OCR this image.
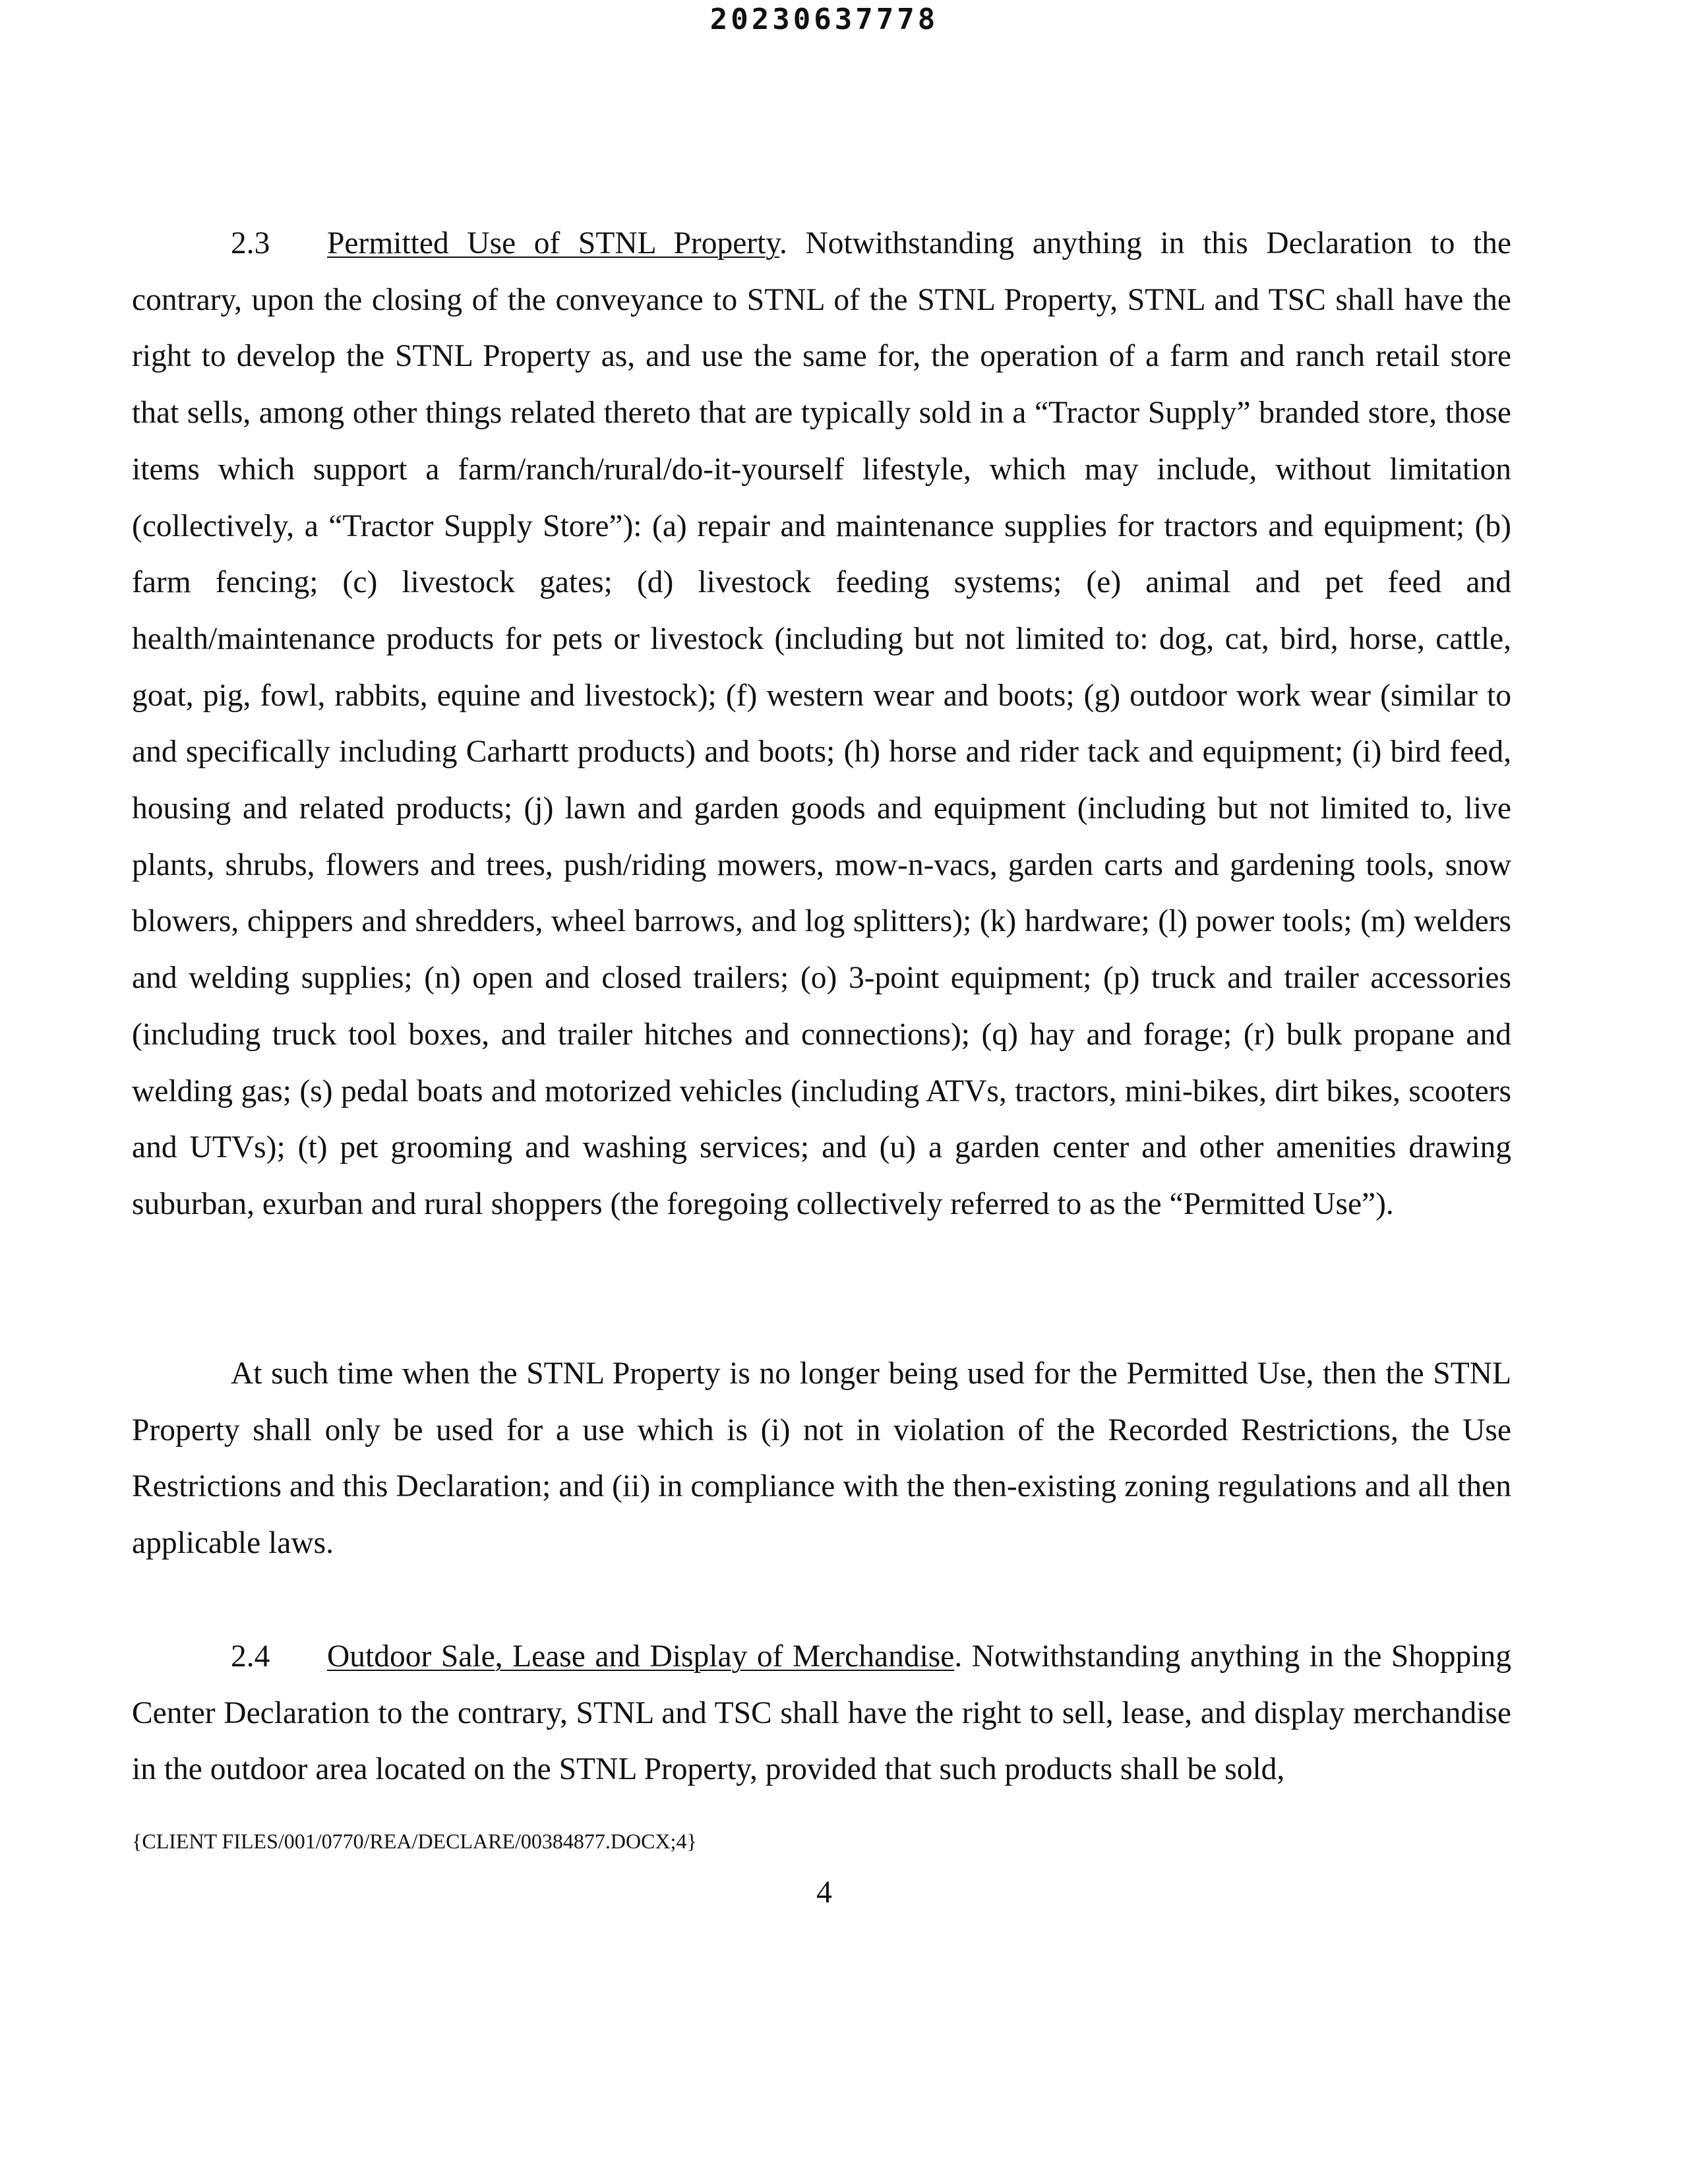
20230637778

2.3 Permitted Use of STNL Property. Notwithstanding anything in this Declaration to the contrary, upon the closing of the conveyance to STNL of the STNL Property, STNL and TSC shall have the right to develop the STNL Property as, and use the same for, the operation of a farm and ranch retail store that sells, among other things related thereto that are typically sold in a “Tractor Supply” branded store, those items which support a farm/ranch/rural/do-it-yourself lifestyle, which may include, without limitation (collectively, a “Tractor Supply Store”): (a) repair and maintenance supplies for tractors and equipment; (b) farm fencing; (c) livestock gates; (d) livestock feeding systems; (e) animal and pet feed and health/maintenance products for pets or livestock (including but not limited to: dog, cat, bird, horse, cattle, goat, pig, fowl, rabbits, equine and livestock); (f) western wear and boots; (g) outdoor work wear (similar to and specifically including Carhartt products) and boots; (h) horse and rider tack and equipment; (i) bird feed, housing and related products; (j) lawn and garden goods and equipment (including but not limited to, live plants, shrubs, flowers and trees, push/riding mowers, mow-n-vacs, garden carts and gardening tools, snow blowers, chippers and shredders, wheel barrows, and log splitters); (k) hardware; (l) power tools; (m) welders and welding supplies; (n) open and closed trailers; (o) 3-point equipment; (p) truck and trailer accessories (including truck tool boxes, and trailer hitches and connections); (q) hay and forage; (r) bulk propane and welding gas; (s) pedal boats and motorized vehicles (including ATVs, tractors, mini-bikes, dirt bikes, scooters and UTVs); (t) pet grooming and washing services; and (u) a garden center and other amenities drawing suburban, exurban and rural shoppers (the foregoing collectively referred to as the “Permitted Use”).

At such time when the STNL Property is no longer being used for the Permitted Use, then the STNL Property shall only be used for a use which is (i) not in violation of the Recorded Restrictions, the Use Restrictions and this Declaration; and (ii) in compliance with the then-existing zoning regulations and all then applicable laws.

2.4 Outdoor Sale, Lease and Display of Merchandise. Notwithstanding anything in the Shopping Center Declaration to the contrary, STNL and TSC shall have the right to sell, lease, and display merchandise in the outdoor area located on the STNL Property, provided that such products shall be sold,

{CLIENT FILES/001/0770/REA/DECLARE/00384877.DOCX;4}
4
